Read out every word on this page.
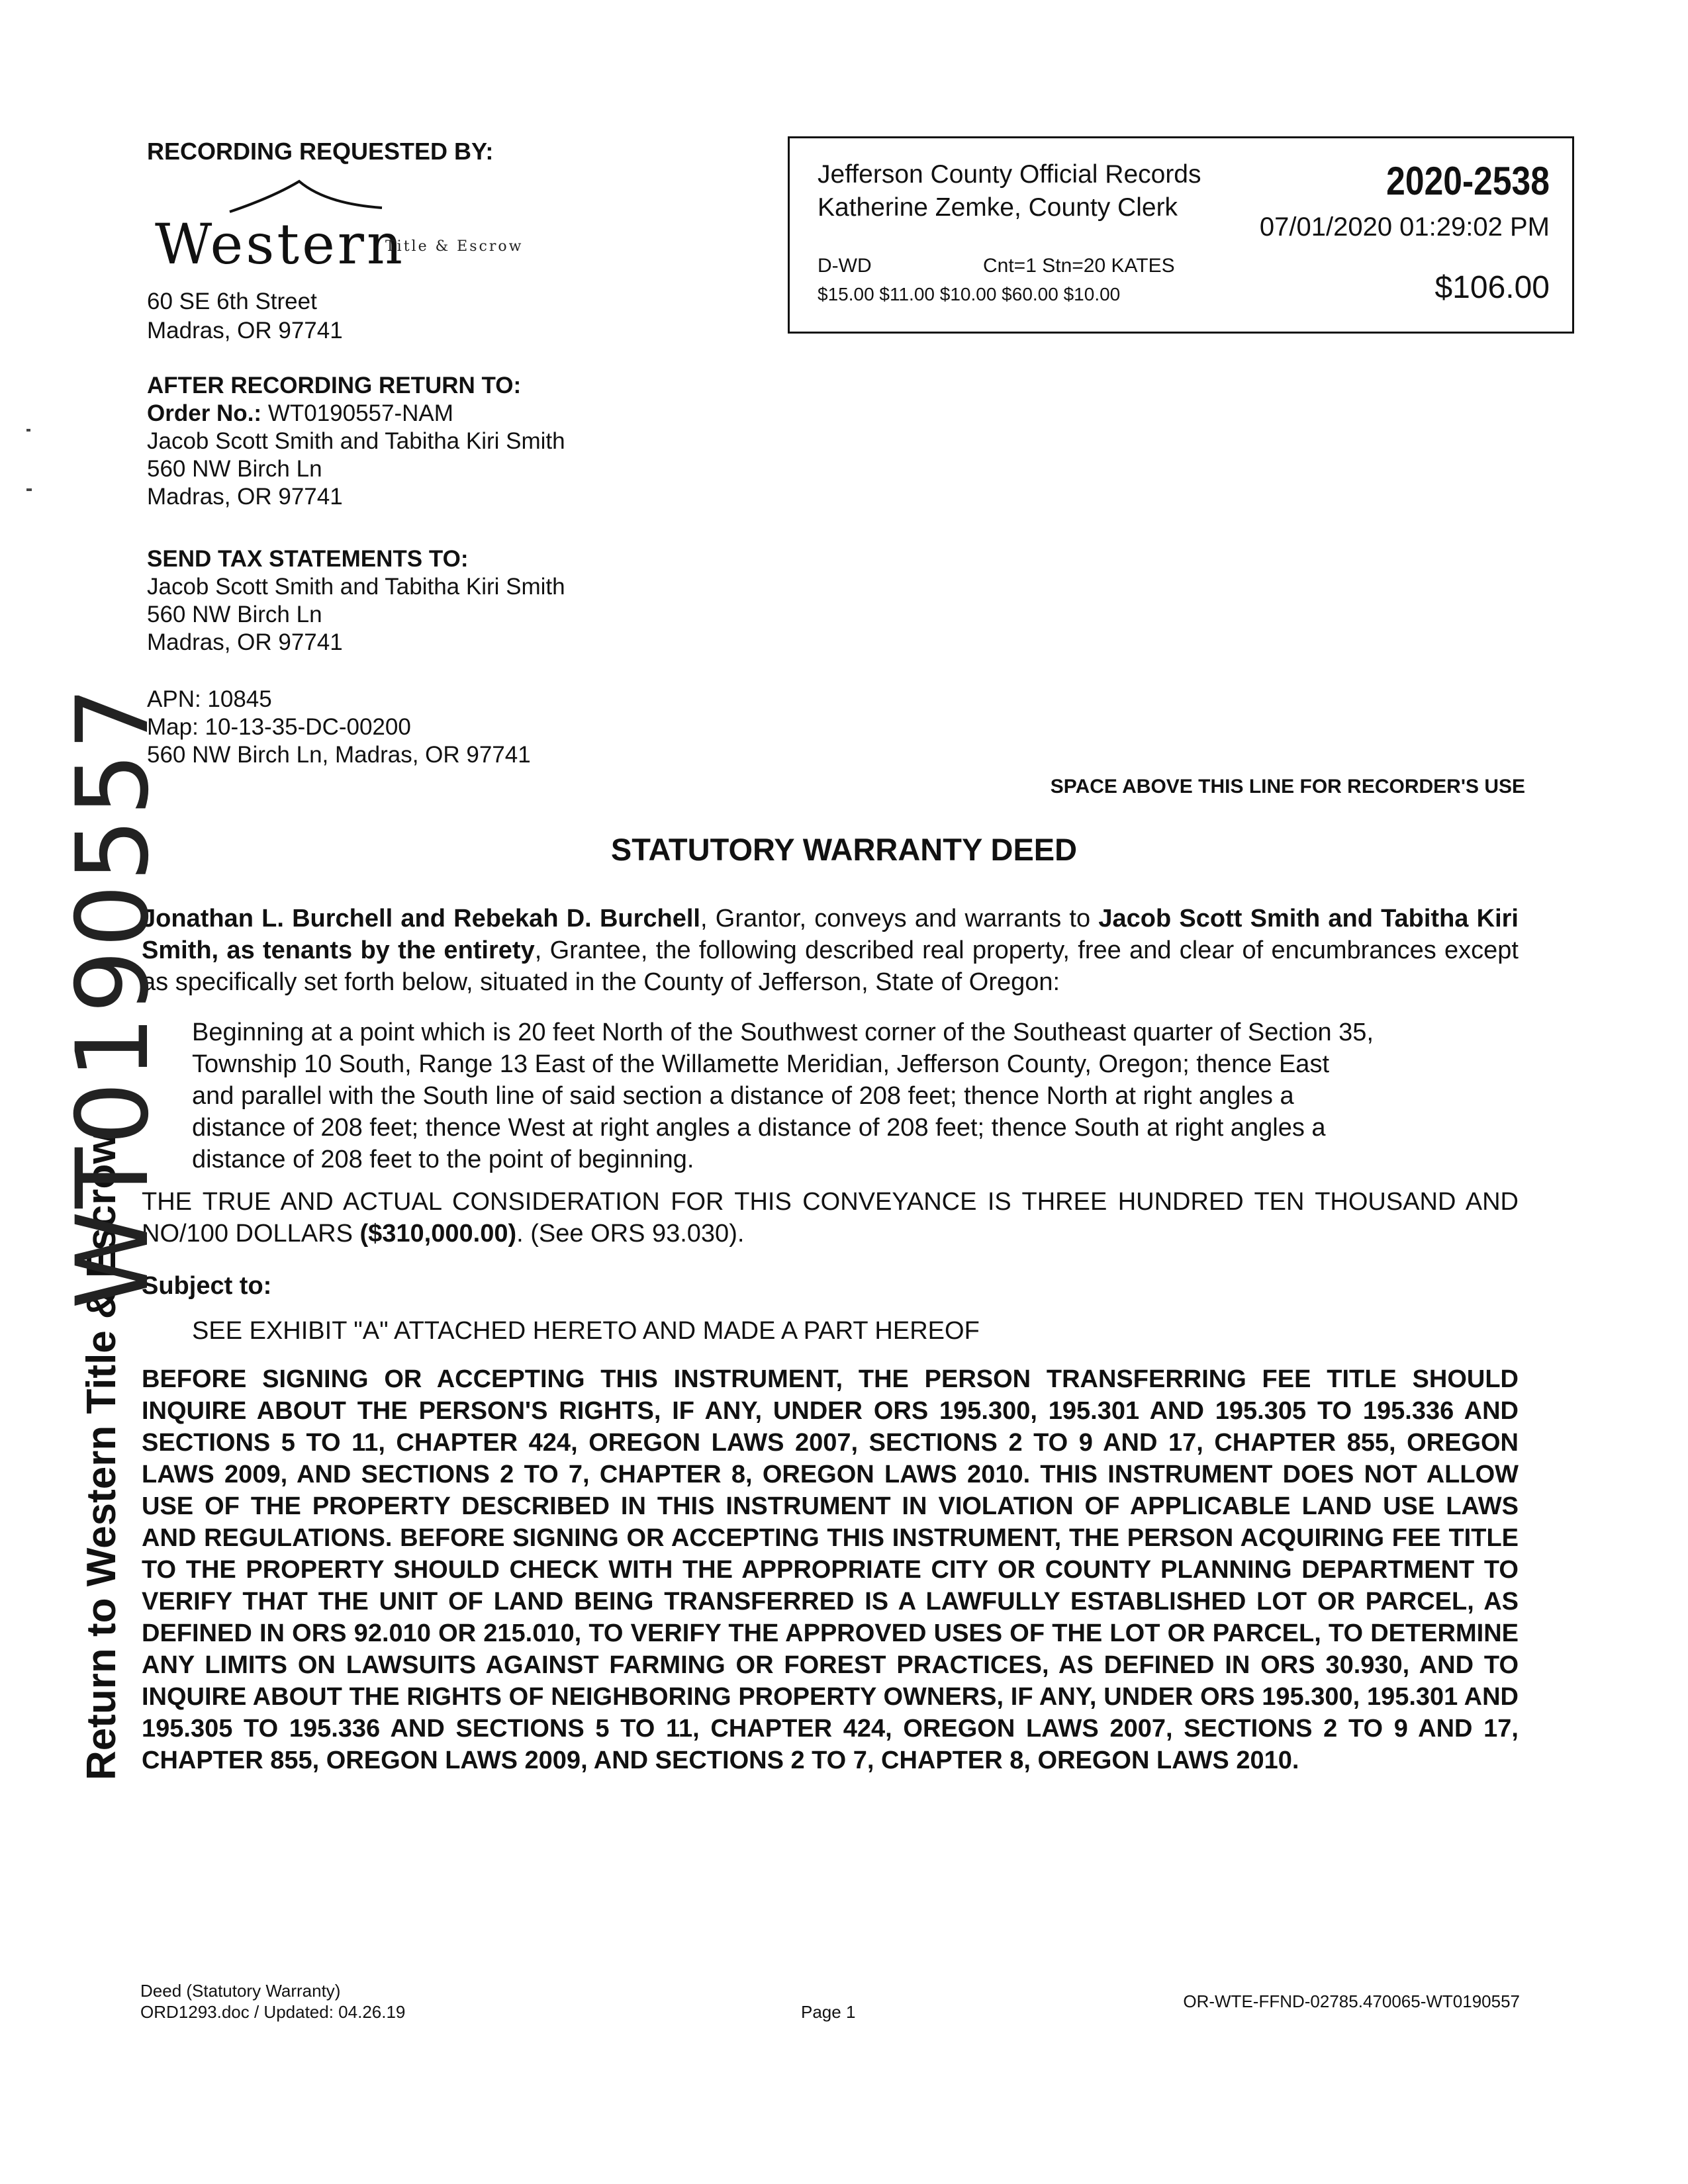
RECORDING REQUESTED BY:
Western
Title & Escrow
60 SE 6th Street
Madras, OR 97741
Jefferson County Official Records
Katherine Zemke, County Clerk
2020-2538
07/01/2020 01:29:02 PM
D-WD	Cnt=1 Stn=20 KATES
$15.00 $11.00 $10.00 $60.00 $10.00	$106.00
AFTER RECORDING RETURN TO:
Order No.: WT0190557-NAM
Jacob Scott Smith and Tabitha Kiri Smith
560 NW Birch Ln
Madras, OR 97741
SEND TAX STATEMENTS TO:
Jacob Scott Smith and Tabitha Kiri Smith
560 NW Birch Ln
Madras, OR 97741
APN: 10845
Map: 10-13-35-DC-00200
560 NW Birch Ln, Madras, OR 97741
SPACE ABOVE THIS LINE FOR RECORDER'S USE
STATUTORY WARRANTY DEED
Jonathan L. Burchell and Rebekah D. Burchell, Grantor, conveys and warrants to Jacob Scott Smith and Tabitha Kiri Smith, as tenants by the entirety, Grantee, the following described real property, free and clear of encumbrances except as specifically set forth below, situated in the County of Jefferson, State of Oregon:
Beginning at a point which is 20 feet North of the Southwest corner of the Southeast quarter of Section 35,
Township 10 South, Range 13 East of the Willamette Meridian, Jefferson County, Oregon; thence East
and parallel with the South line of said section a distance of 208 feet; thence North at right angles a
distance of 208 feet; thence West at right angles a distance of 208 feet; thence South at right angles a
distance of 208 feet to the point of beginning.
THE TRUE AND ACTUAL CONSIDERATION FOR THIS CONVEYANCE IS THREE HUNDRED TEN THOUSAND AND NO/100 DOLLARS ($310,000.00). (See ORS 93.030).
Subject to:
SEE EXHIBIT "A" ATTACHED HERETO AND MADE A PART HEREOF
BEFORE SIGNING OR ACCEPTING THIS INSTRUMENT, THE PERSON TRANSFERRING FEE TITLE SHOULD INQUIRE ABOUT THE PERSON'S RIGHTS, IF ANY, UNDER ORS 195.300, 195.301 AND 195.305 TO 195.336 AND SECTIONS 5 TO 11, CHAPTER 424, OREGON LAWS 2007, SECTIONS 2 TO 9 AND 17, CHAPTER 855, OREGON LAWS 2009, AND SECTIONS 2 TO 7, CHAPTER 8, OREGON LAWS 2010. THIS INSTRUMENT DOES NOT ALLOW USE OF THE PROPERTY DESCRIBED IN THIS INSTRUMENT IN VIOLATION OF APPLICABLE LAND USE LAWS AND REGULATIONS. BEFORE SIGNING OR ACCEPTING THIS INSTRUMENT, THE PERSON ACQUIRING FEE TITLE TO THE PROPERTY SHOULD CHECK WITH THE APPROPRIATE CITY OR COUNTY PLANNING DEPARTMENT TO VERIFY THAT THE UNIT OF LAND BEING TRANSFERRED IS A LAWFULLY ESTABLISHED LOT OR PARCEL, AS DEFINED IN ORS 92.010 OR 215.010, TO VERIFY THE APPROVED USES OF THE LOT OR PARCEL, TO DETERMINE ANY LIMITS ON LAWSUITS AGAINST FARMING OR FOREST PRACTICES, AS DEFINED IN ORS 30.930, AND TO INQUIRE ABOUT THE RIGHTS OF NEIGHBORING PROPERTY OWNERS, IF ANY, UNDER ORS 195.300, 195.301 AND 195.305 TO 195.336 AND SECTIONS 5 TO 11, CHAPTER 424, OREGON LAWS 2007, SECTIONS 2 TO 9 AND 17, CHAPTER 855, OREGON LAWS 2009, AND SECTIONS 2 TO 7, CHAPTER 8, OREGON LAWS 2010.
Return to Western Title & Escrow
WT0190557
Deed (Statutory Warranty)
ORD1293.doc / Updated: 04.26.19	Page 1
OR-WTE-FFND-02785.470065-WT0190557
